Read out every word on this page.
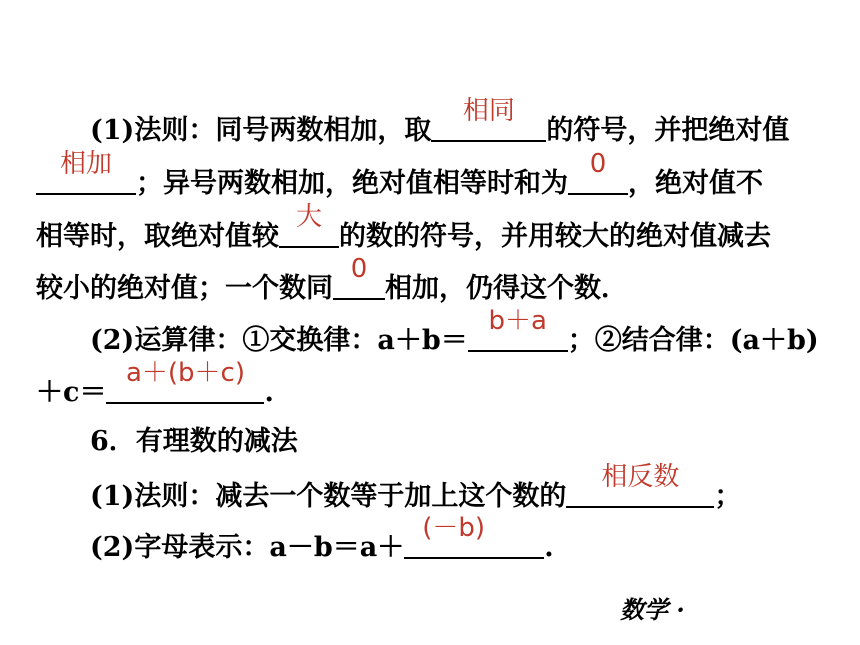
(1)法则：同号两数相加，取
相同
的符号，并把绝对值
相加
；异号两数相加，绝对值相等时和为
0
，绝对值不
相等时，取绝对值较
大
的数的符号，并用较大的绝对值减去
较小的绝对值；一个数同
0
相加，仍得这个数．
(2)运算律：①交换律：a＋b＝
b＋a
；②结合律：(a＋b)
＋c＝
a＋(b＋c)
.
6．有理数的减法
(1)法则：减去一个数等于加上这个数的
相反数
；
(2)字母表示：a－b＝a＋
(－b)
.
数学 ·
